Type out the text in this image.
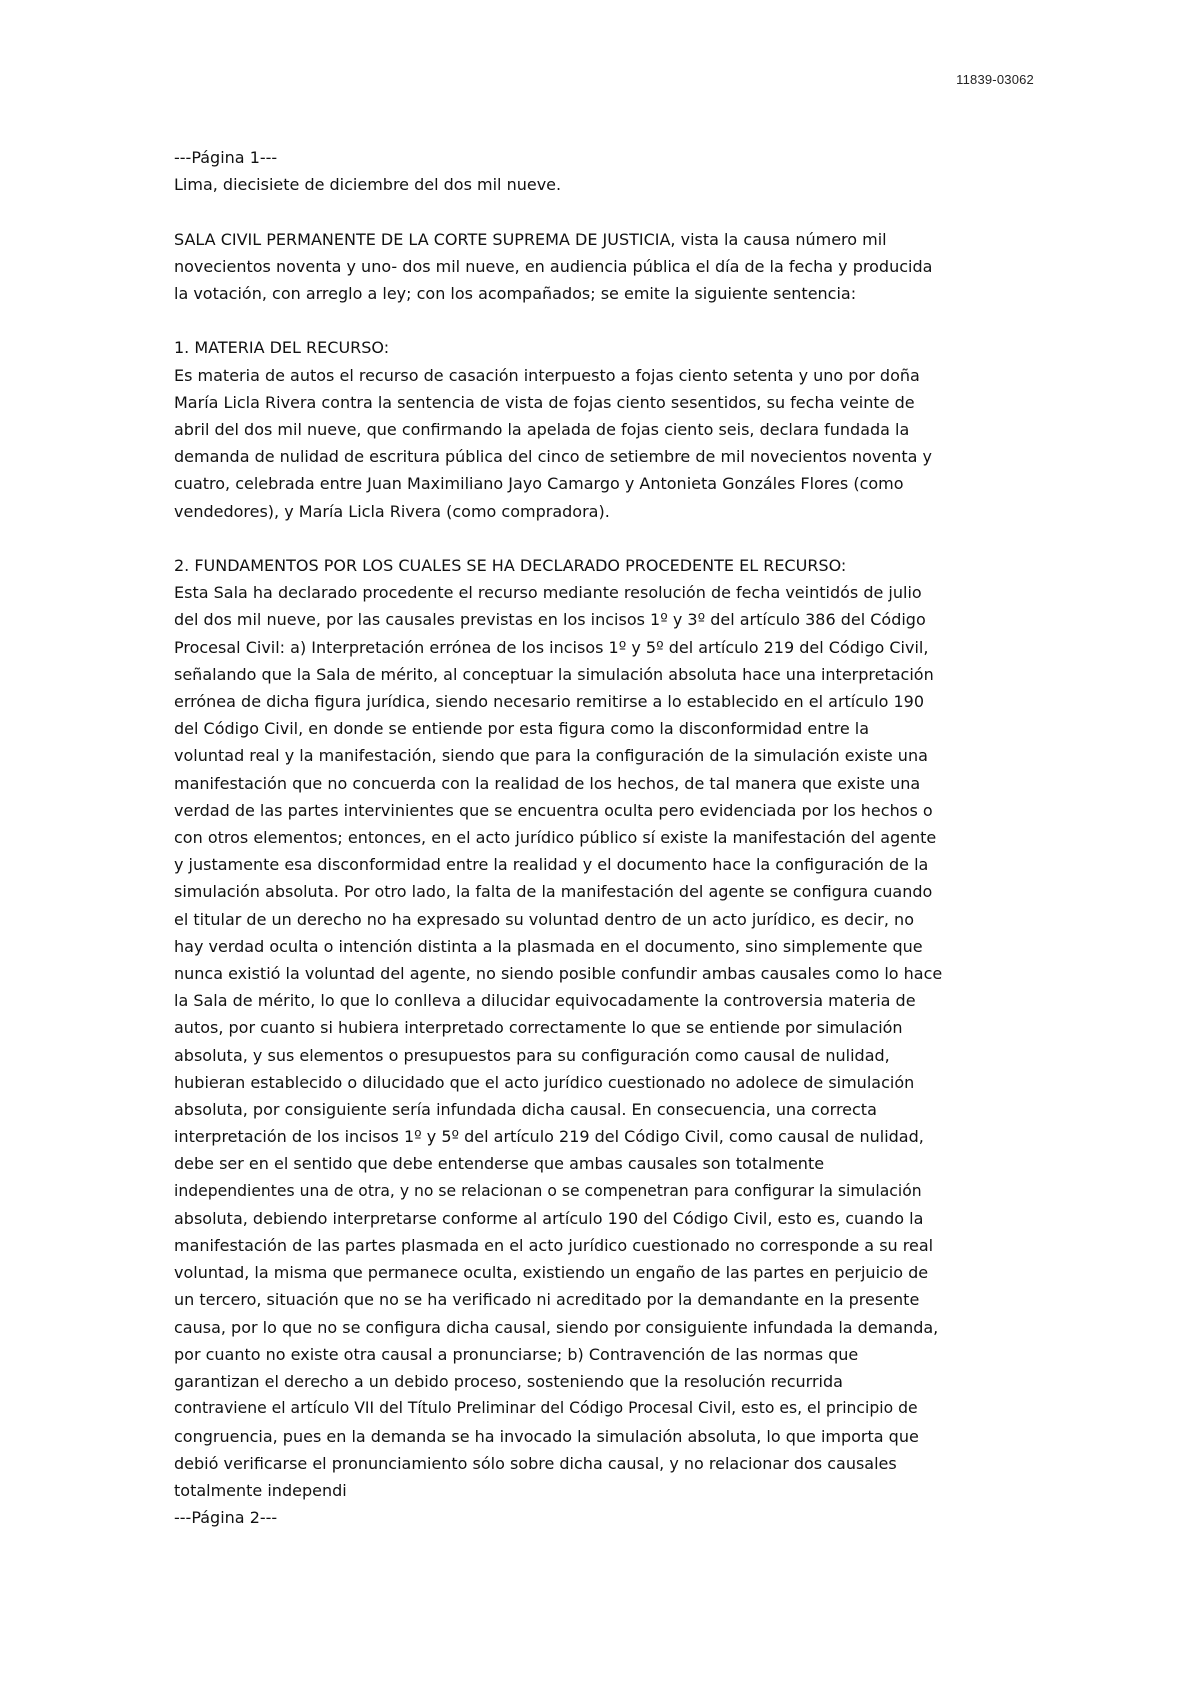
11839-03062
---Página 1---
Lima, diecisiete de diciembre del dos mil nueve.
SALA CIVIL PERMANENTE DE LA CORTE SUPREMA DE JUSTICIA, vista la causa número mil
novecientos noventa y uno- dos mil nueve, en audiencia pública el día de la fecha y producida
la votación, con arreglo a ley; con los acompañados; se emite la siguiente sentencia:
1. MATERIA DEL RECURSO:
Es materia de autos el recurso de casación interpuesto a fojas ciento setenta y uno por doña
María Licla Rivera contra la sentencia de vista de fojas ciento sesentidos, su fecha veinte de
abril del dos mil nueve, que confirmando la apelada de fojas ciento seis, declara fundada la
demanda de nulidad de escritura pública del cinco de setiembre de mil novecientos noventa y
cuatro, celebrada entre Juan Maximiliano Jayo Camargo y Antonieta Gonzáles Flores (como
vendedores), y María Licla Rivera (como compradora).
2. FUNDAMENTOS POR LOS CUALES SE HA DECLARADO PROCEDENTE EL RECURSO:
Esta Sala ha declarado procedente el recurso mediante resolución de fecha veintidós de julio
del dos mil nueve, por las causales previstas en los incisos 1º y 3º del artículo 386 del Código
Procesal Civil: a) Interpretación errónea de los incisos 1º y 5º del artículo 219 del Código Civil,
señalando que la Sala de mérito, al conceptuar la simulación absoluta hace una interpretación
errónea de dicha figura jurídica, siendo necesario remitirse a lo establecido en el artículo 190
del Código Civil, en donde se entiende por esta figura como la disconformidad entre la
voluntad real y la manifestación, siendo que para la configuración de la simulación existe una
manifestación que no concuerda con la realidad de los hechos, de tal manera que existe una
verdad de las partes intervinientes que se encuentra oculta pero evidenciada por los hechos o
con otros elementos; entonces, en el acto jurídico público sí existe la manifestación del agente
y justamente esa disconformidad entre la realidad y el documento hace la configuración de la
simulación absoluta. Por otro lado, la falta de la manifestación del agente se configura cuando
el titular de un derecho no ha expresado su voluntad dentro de un acto jurídico, es decir, no
hay verdad oculta o intención distinta a la plasmada en el documento, sino simplemente que
nunca existió la voluntad del agente, no siendo posible confundir ambas causales como lo hace
la Sala de mérito, lo que lo conlleva a dilucidar equivocadamente la controversia materia de
autos, por cuanto si hubiera interpretado correctamente lo que se entiende por simulación
absoluta, y sus elementos o presupuestos para su configuración como causal de nulidad,
hubieran establecido o dilucidado que el acto jurídico cuestionado no adolece de simulación
absoluta, por consiguiente sería infundada dicha causal. En consecuencia, una correcta
interpretación de los incisos 1º y 5º del artículo 219 del Código Civil, como causal de nulidad,
debe ser en el sentido que debe entenderse que ambas causales son totalmente
independientes una de otra, y no se relacionan o se compenetran para configurar la simulación
absoluta, debiendo interpretarse conforme al artículo 190 del Código Civil, esto es, cuando la
manifestación de las partes plasmada en el acto jurídico cuestionado no corresponde a su real
voluntad, la misma que permanece oculta, existiendo un engaño de las partes en perjuicio de
un tercero, situación que no se ha verificado ni acreditado por la demandante en la presente
causa, por lo que no se configura dicha causal, siendo por consiguiente infundada la demanda,
por cuanto no existe otra causal a pronunciarse; b) Contravención de las normas que
garantizan el derecho a un debido proceso, sosteniendo que la resolución recurrida
contraviene el artículo VII del Título Preliminar del Código Procesal Civil, esto es, el principio de
congruencia, pues en la demanda se ha invocado la simulación absoluta, lo que importa que
debió verificarse el pronunciamiento sólo sobre dicha causal, y no relacionar dos causales
totalmente independi
---Página 2---
